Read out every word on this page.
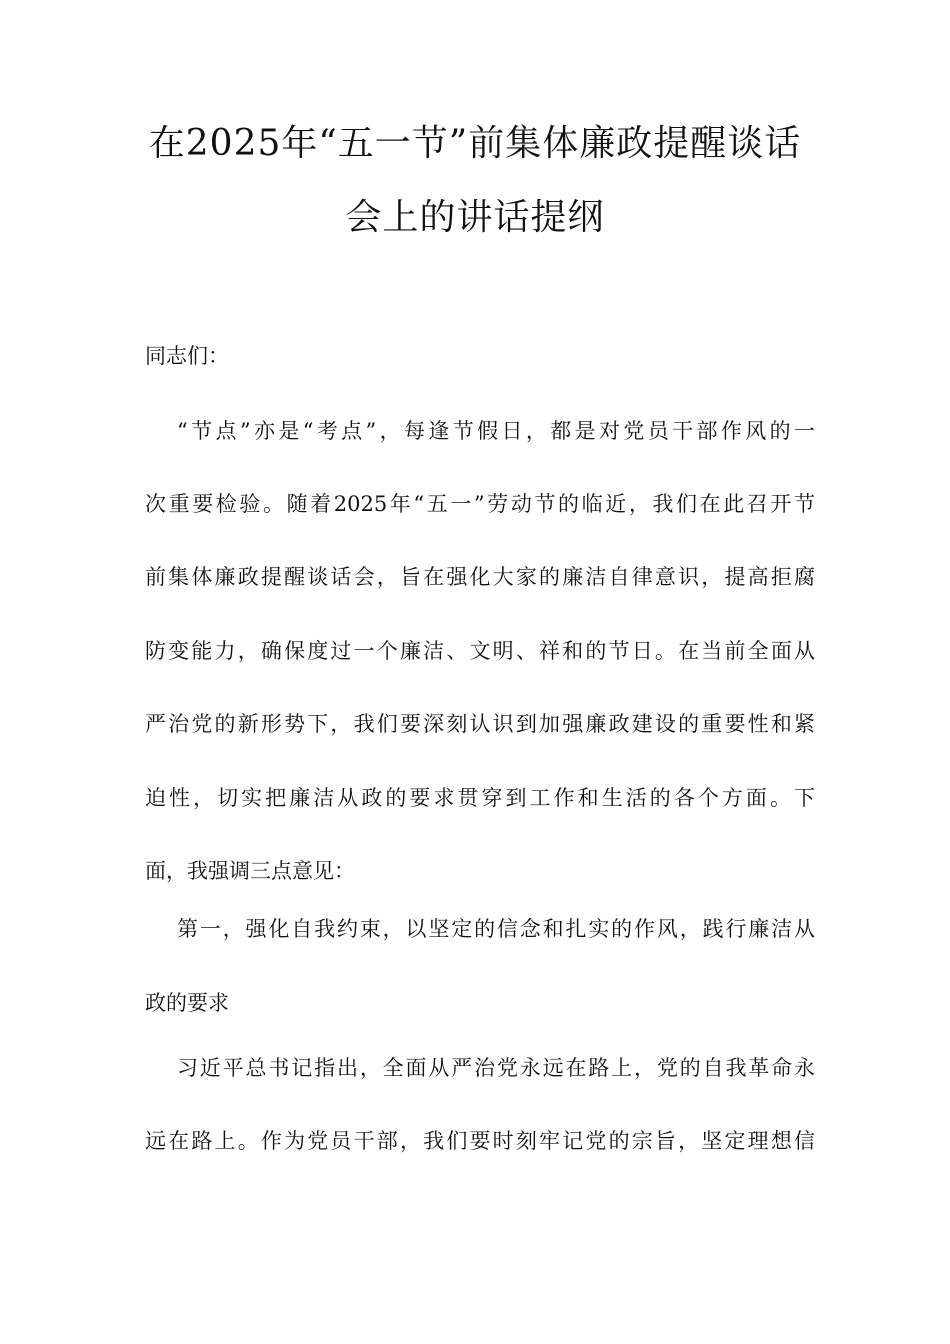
在2025年“五一节”前集体廉政提醒谈话
会上的讲话提纲
同志们：
“节点”亦是“考点”，每逢节假日，都是对党员干部作风的一
次重要检验。随着2025年“五一”劳动节的临近，我们在此召开节
前集体廉政提醒谈话会，旨在强化大家的廉洁自律意识，提高拒腐
防变能力，确保度过一个廉洁、文明、祥和的节日。在当前全面从
严治党的新形势下，我们要深刻认识到加强廉政建设的重要性和紧
迫性，切实把廉洁从政的要求贯穿到工作和生活的各个方面。下
面，我强调三点意见：
第一，强化自我约束，以坚定的信念和扎实的作风，践行廉洁从
政的要求
习近平总书记指出，全面从严治党永远在路上，党的自我革命永
远在路上。作为党员干部，我们要时刻牢记党的宗旨，坚定理想信
